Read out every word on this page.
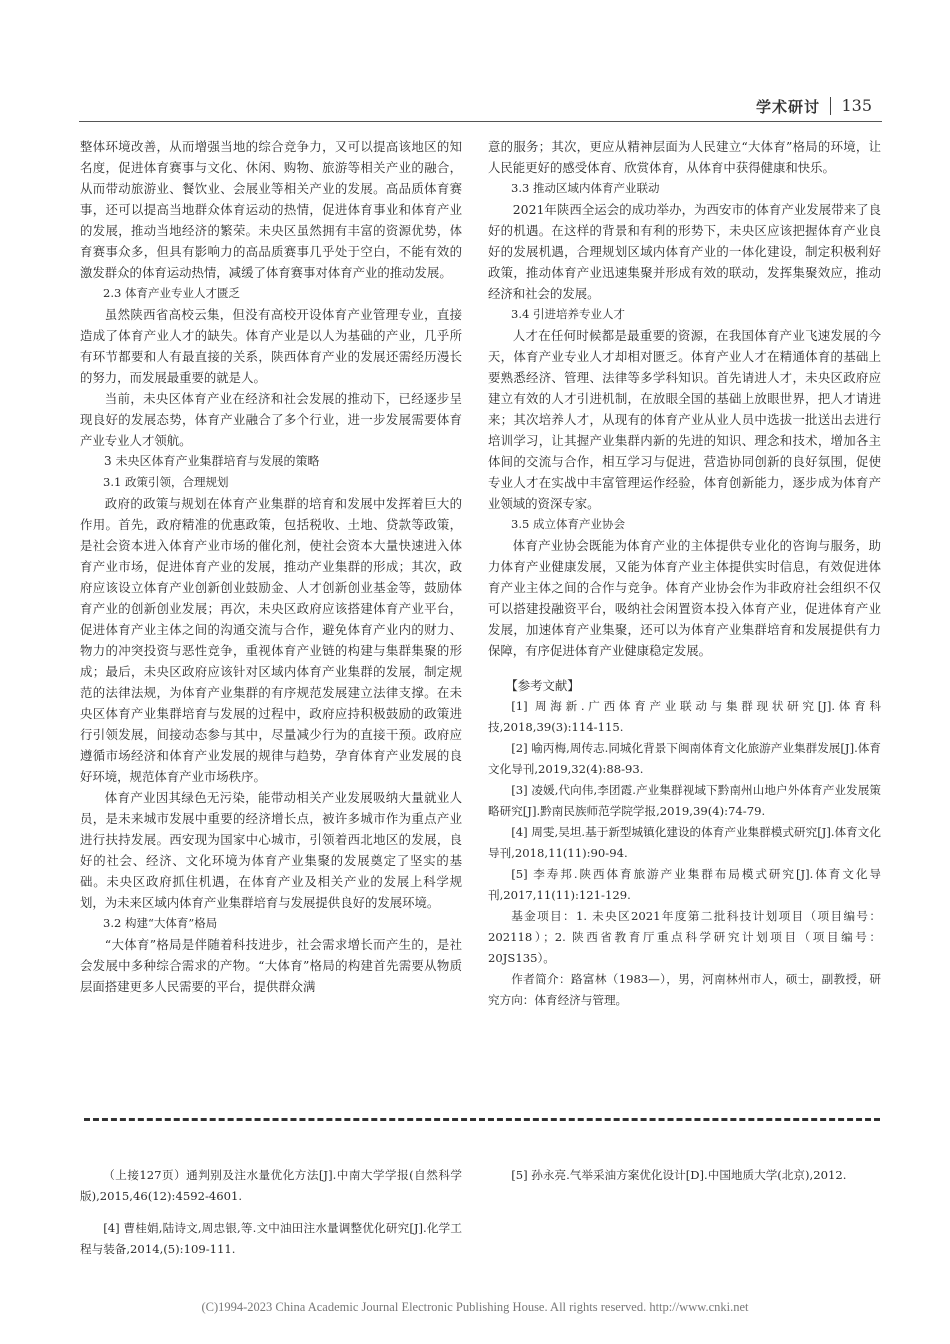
学术研讨 135

整体环境改善，从而增强当地的综合竞争力，又可以提高该地区的知名度，促进体育赛事与文化、休闲、购物、旅游等相关产业的融合，从而带动旅游业、餐饮业、会展业等相关产业的发展。高品质体育赛事，还可以提高当地群众体育运动的热情，促进体育事业和体育产业的发展，推动当地经济的繁荣。未央区虽然拥有丰富的资源优势，体育赛事众多，但具有影响力的高品质赛事几乎处于空白，不能有效的激发群众的体育运动热情，减缓了体育赛事对体育产业的推动发展。

2.3 体育产业专业人才匮乏

虽然陕西省高校云集，但没有高校开设体育产业管理专业，直接造成了体育产业人才的缺失。体育产业是以人为基础的产业，几乎所有环节都要和人有最直接的关系，陕西体育产业的发展还需经历漫长的努力，而发展最重要的就是人。

当前，未央区体育产业在经济和社会发展的推动下，已经逐步呈现良好的发展态势，体育产业融合了多个行业，进一步发展需要体育产业专业人才领航。

3 未央区体育产业集群培育与发展的策略

3.1 政策引领，合理规划

政府的政策与规划在体育产业集群的培育和发展中发挥着巨大的作用。首先，政府精准的优惠政策，包括税收、土地、贷款等政策，是社会资本进入体育产业市场的催化剂，使社会资本大量快速进入体育产业市场，促进体育产业的发展，推动产业集群的形成；其次，政府应该设立体育产业创新创业鼓励金、人才创新创业基金等，鼓励体育产业的创新创业发展；再次，未央区政府应该搭建体育产业平台，促进体育产业主体之间的沟通交流与合作，避免体育产业内的财力、物力的冲突投资与恶性竞争，重视体育产业链的构建与集群集聚的形成；最后，未央区政府应该针对区域内体育产业集群的发展，制定规范的法律法规，为体育产业集群的有序规范发展建立法律支撑。在未央区体育产业集群培育与发展的过程中，政府应持积极鼓励的政策进行引领发展，间接动态参与其中，尽量减少行为的直接干预。政府应遵循市场经济和体育产业发展的规律与趋势，孕育体育产业发展的良好环境，规范体育产业市场秩序。

体育产业因其绿色无污染，能带动相关产业发展吸纳大量就业人员，是未来城市发展中重要的经济增长点，被许多城市作为重点产业进行扶持发展。西安现为国家中心城市，引领着西北地区的发展，良好的社会、经济、文化环境为体育产业集聚的发展奠定了坚实的基础。未央区政府抓住机遇，在体育产业及相关产业的发展上科学规划，为未来区域内体育产业集群培育与发展提供良好的发展环境。

3.2 构建“大体育”格局

“大体育”格局是伴随着科技进步，社会需求增长而产生的，是社会发展中多种综合需求的产物。“大体育”格局的构建首先需要从物质层面搭建更多人民需要的平台，提供群众满

意的服务；其次，更应从精神层面为人民建立“大体育”格局的环境，让人民能更好的感受体育、欣赏体育，从体育中获得健康和快乐。

3.3 推动区域内体育产业联动

2021年陕西全运会的成功举办，为西安市的体育产业发展带来了良好的机遇。在这样的背景和有利的形势下，未央区应该把握体育产业良好的发展机遇，合理规划区域内体育产业的一体化建设，制定积极利好政策，推动体育产业迅速集聚并形成有效的联动，发挥集聚效应，推动经济和社会的发展。

3.4 引进培养专业人才

人才在任何时候都是最重要的资源，在我国体育产业飞速发展的今天，体育产业专业人才却相对匮乏。体育产业人才在精通体育的基础上要熟悉经济、管理、法律等多学科知识。首先请进人才，未央区政府应建立有效的人才引进机制，在放眼全国的基础上放眼世界，把人才请进来；其次培养人才，从现有的体育产业从业人员中选拔一批送出去进行培训学习，让其握产业集群内新的先进的知识、理念和技术，增加各主体间的交流与合作，相互学习与促进，营造协同创新的良好氛围，促使专业人才在实战中丰富管理运作经验，体育创新能力，逐步成为体育产业领域的资深专家。

3.5 成立体育产业协会

体育产业协会既能为体育产业的主体提供专业化的咨询与服务，助力体育产业健康发展，又能为体育产业主体提供实时信息，有效促进体育产业主体之间的合作与竞争。体育产业协会作为非政府社会组织不仅可以搭建投融资平台，吸纳社会闲置资本投入体育产业，促进体育产业发展，加速体育产业集聚，还可以为体育产业集群培育和发展提供有力保障，有序促进体育产业健康稳定发展。

【参考文献】

[1] 周海新.广西体育产业联动与集群现状研究[J].体育科技,2018,39(3):114-115.

[2] 喻丙梅,周传志.同城化背景下闽南体育文化旅游产业集群发展[J].体育文化导刊,2019,32(4):88-93.

[3] 凌媛,代向伟,李团霞.产业集群视域下黔南州山地户外体育产业发展策略研究[J].黔南民族师范学院学报,2019,39(4):74-79.

[4] 周雯,吴坦.基于新型城镇化建设的体育产业集群模式研究[J].体育文化导刊,2018,11(11):90-94.

[5] 李寿邦.陕西体育旅游产业集群布局模式研究[J].体育文化导刊,2017,11(11):121-129.

基金项目：1. 未央区2021年度第二批科技计划项目（项目编号：202118）；2. 陕西省教育厅重点科学研究计划项目（项目编号：20JS135）。

作者简介：路富林（1983—），男，河南林州市人，硕士，副教授，研究方向：体育经济与管理。

（上接127页）通判别及注水量优化方法[J].中南大学学报(自然科学版),2015,46(12):4592-4601.

[4] 曹桂娟,陆诗文,周忠银,等.文中油田注水量调整优化研究[J].化学工程与装备,2014,(5):109-111.

[5] 孙永亮.气举采油方案优化设计[D].中国地质大学(北京),2012.

(C)1994-2023 China Academic Journal Electronic Publishing House. All rights reserved. http://www.cnki.net
